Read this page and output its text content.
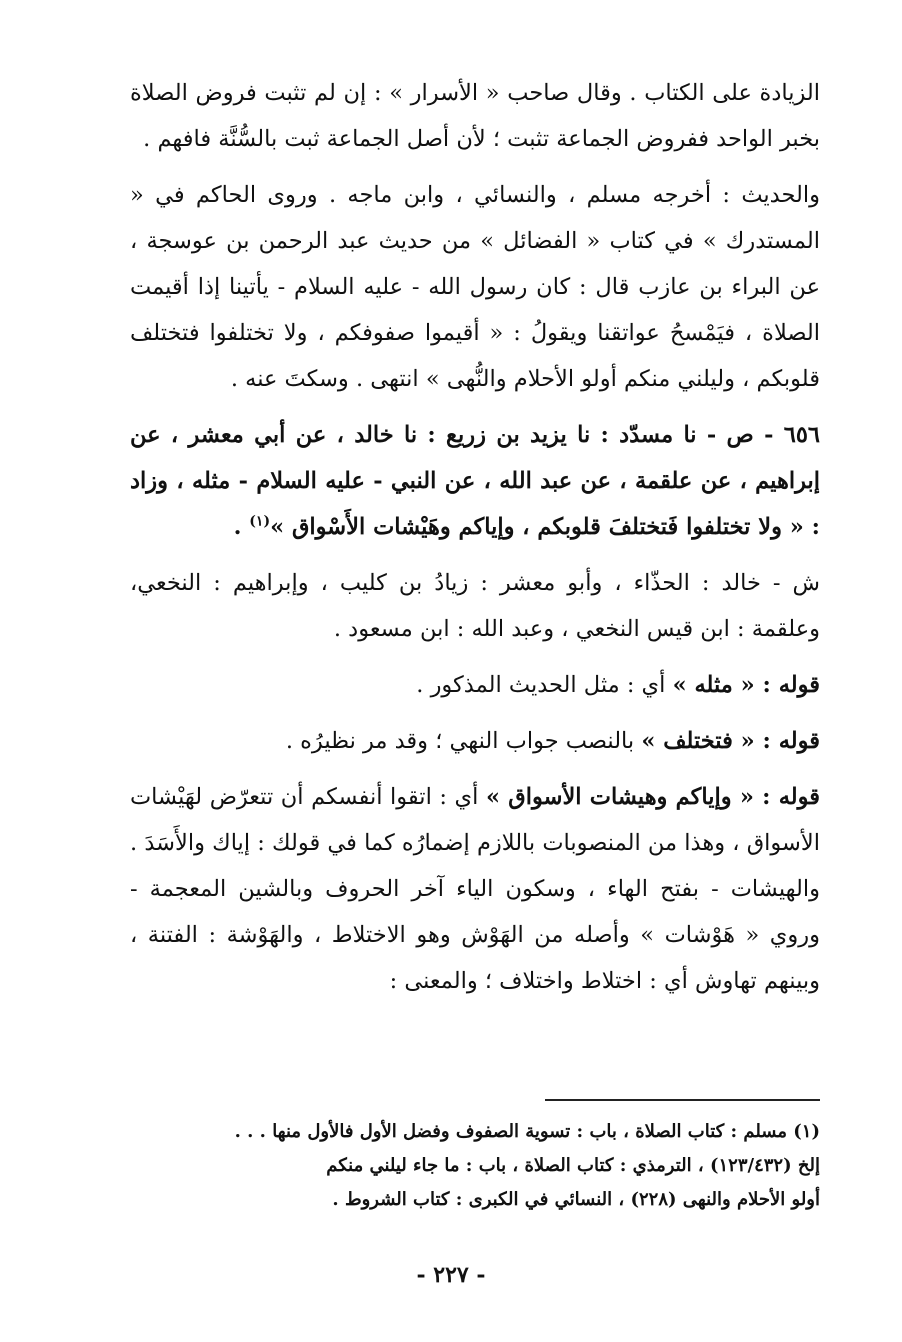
الزيادة على الكتاب . وقال صاحب « الأسرار » : إن لم تثبت فروض الصلاة بخبر الواحد ففروض الجماعة تثبت ؛ لأن أصل الجماعة ثبت بالسُّنَّة فافهم .

والحديث : أخرجه مسلم ، والنسائي ، وابن ماجه . وروى الحاكم في « المستدرك » في كتاب « الفضائل » من حديث عبد الرحمن بن عوسجة ، عن البراء بن عازب قال : كان رسول الله - عليه السلام - يأتينا إذا أقيمت الصلاة ، فيَمْسحُ عواتقنا ويقولُ : « أقيموا صفوفكم ، ولا تختلفوا فتختلف قلوبكم ، وليلني منكم أولو الأحلام والنُّهى » انتهى . وسكتَ عنه .

٦٥٦ - ص - نا مسدّد : نا يزيد بن زريع : نا خالد ، عن أبي معشر ، عن إبراهيم ، عن علقمة ، عن عبد الله ، عن النبي - عليه السلام - مثله ، وزاد : « ولا تختلفوا فَتختلفَ قلوبكم ، وإياكم وهَيْشات الأَسْواق »$^{(١)}$ .

ش - خالد : الحذّاء ، وأبو معشر : زيادُ بن كليب ، وإبراهيم : النخعي، وعلقمة : ابن قيس النخعي ، وعبد الله : ابن مسعود .

قوله : « مثله » أي : مثل الحديث المذكور .

قوله : « فتختلف » بالنصب جواب النهي ؛ وقد مر نظيرُه .

قوله : « وإياكم وهيشات الأسواق » أي : اتقوا أنفسكم أن تتعرّض لهَيْشات الأسواق ، وهذا من المنصوبات باللازم إضمارُه كما في قولك : إياك والأَسَدَ . والهيشات - بفتح الهاء ، وسكون الياء آخر الحروف وبالشين المعجمة - وروي « هَوْشات » وأصله من الهَوْش وهو الاختلاط ، والهَوْشة : الفتنة ، وبينهم تهاوش أي : اختلاط واختلاف ؛ والمعنى :

(١) مسلم : كتاب الصلاة ، باب : تسوية الصفوف وفضل الأول فالأول منها . . .

إلخ (١٢٣/٤٣٢) ، الترمذي : كتاب الصلاة ، باب : ما جاء ليلني منكم

أولو الأحلام والنهى (٢٢٨) ، النسائي في الكبرى : كتاب الشروط .

- ٢٢٧ -
